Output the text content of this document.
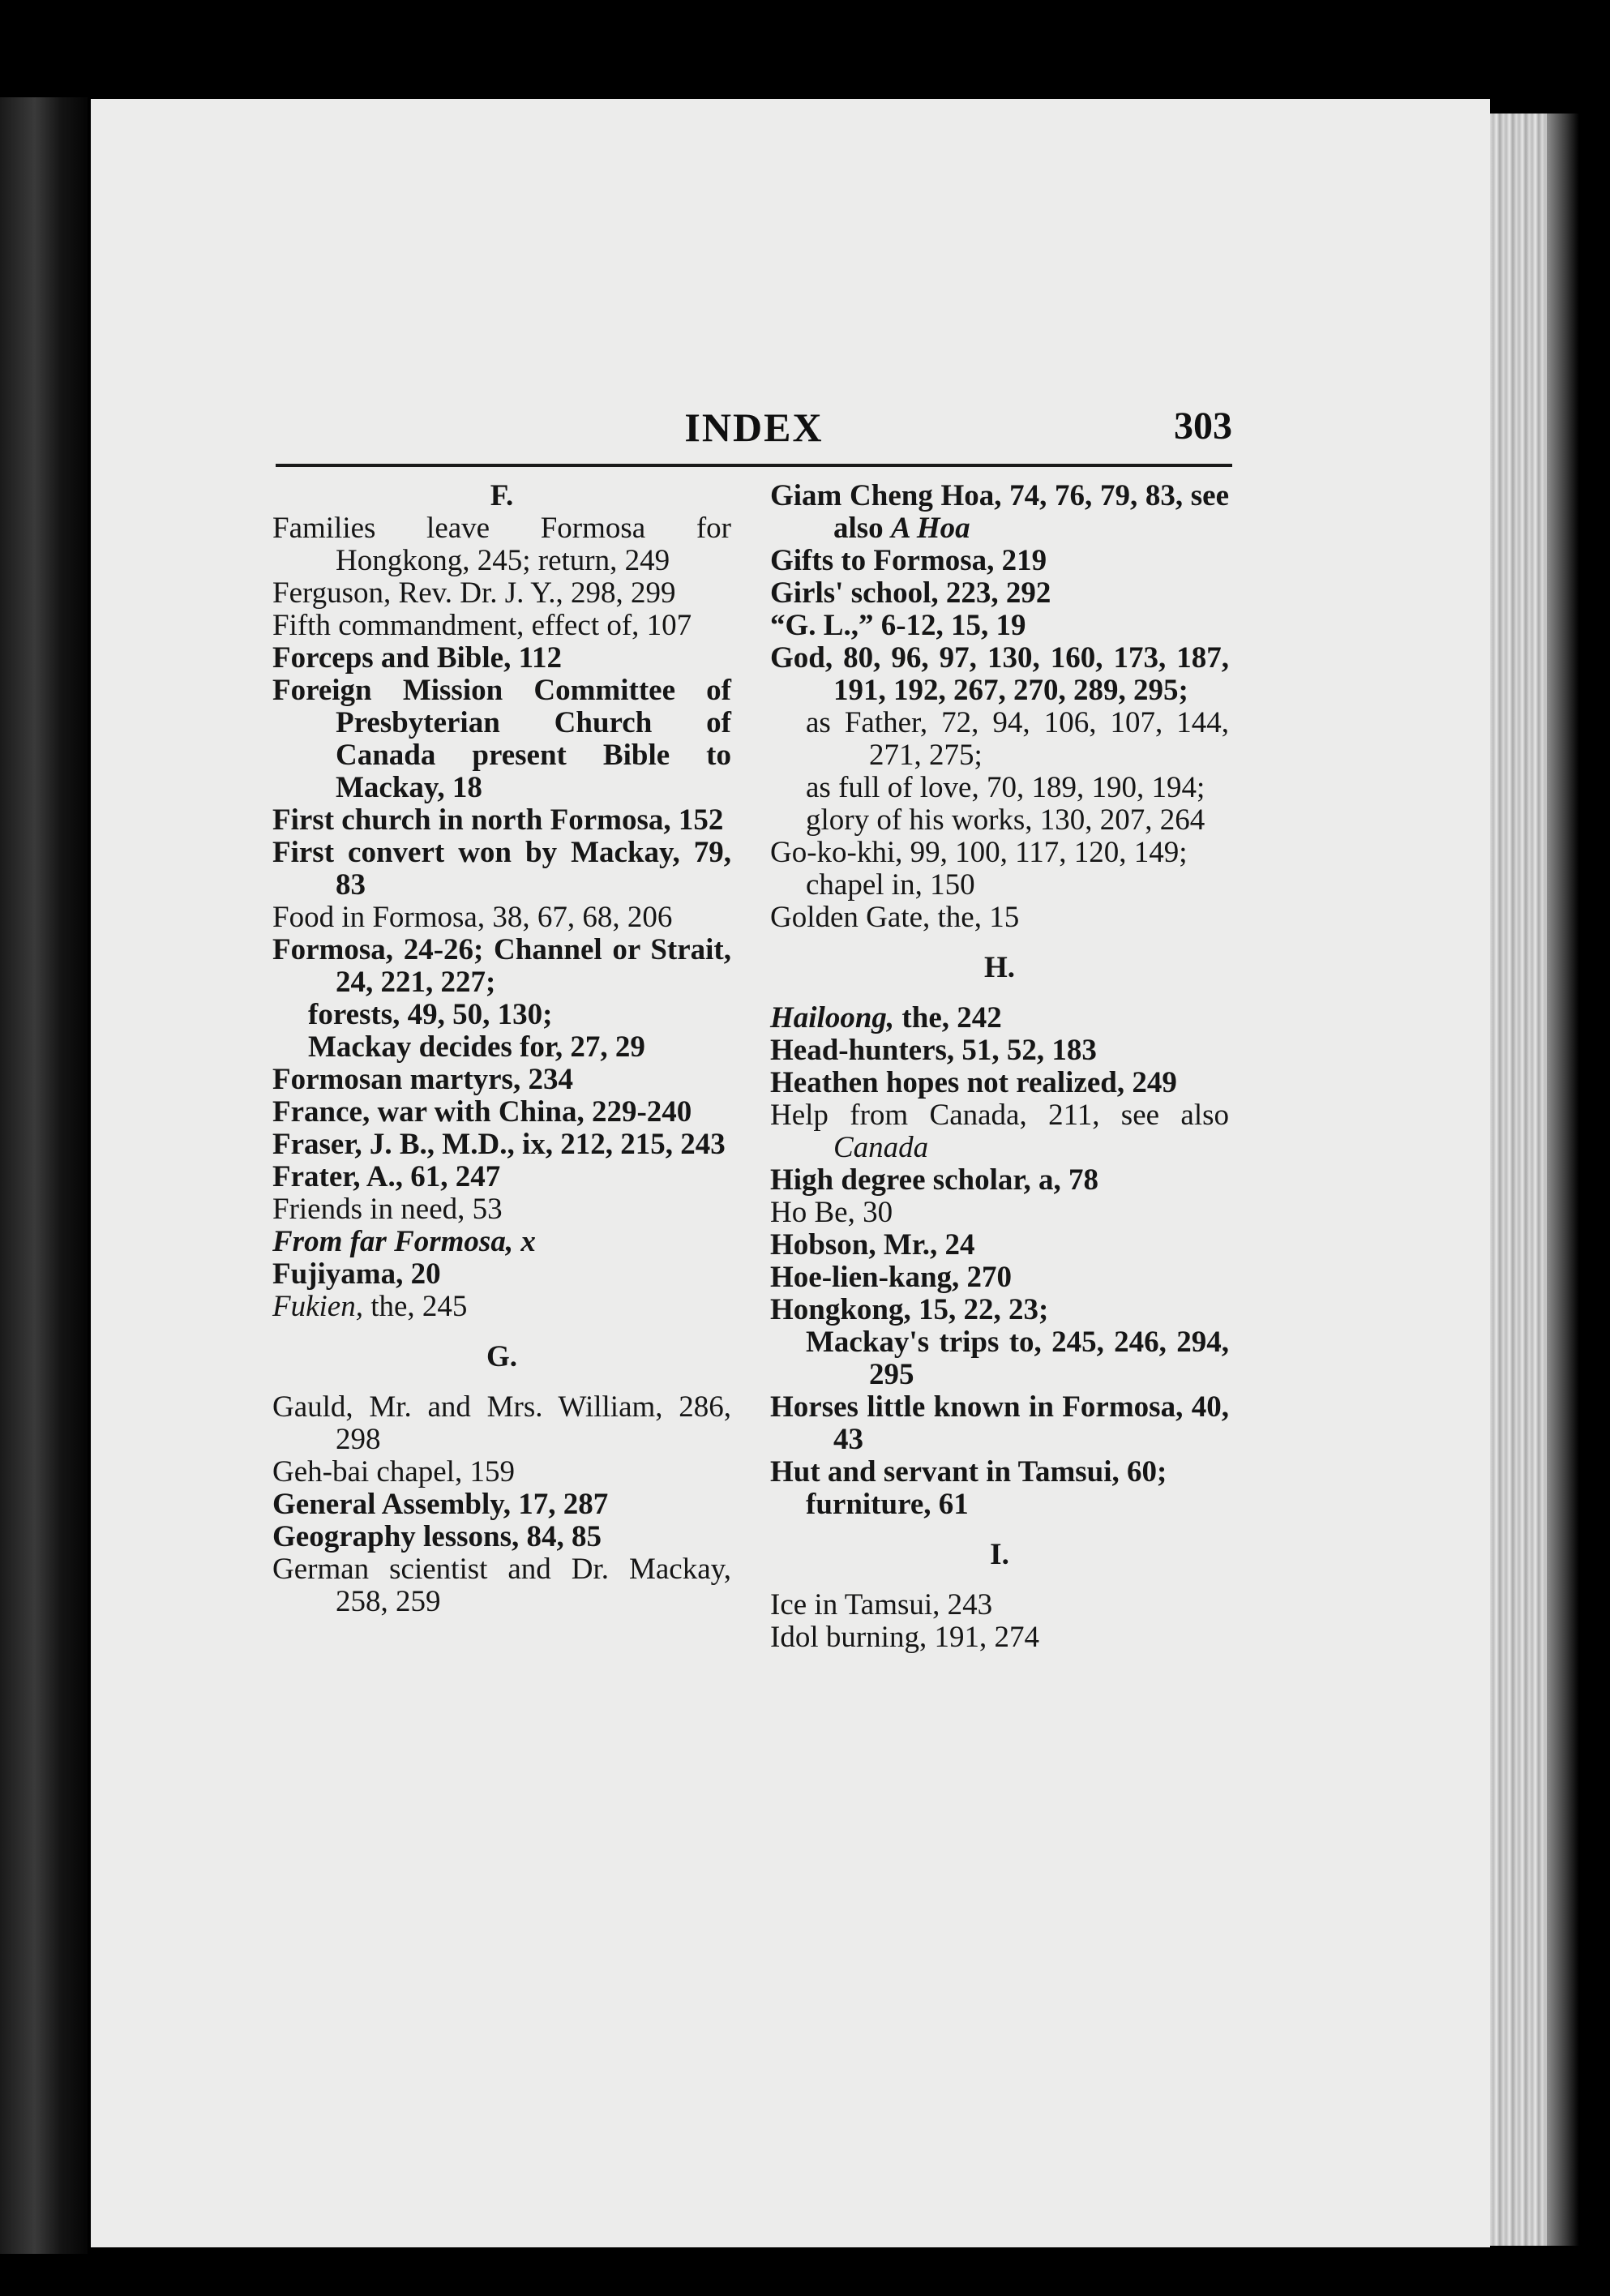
INDEX	303

F.

Families leave Formosa for Hongkong, 245; return, 249

Ferguson, Rev. Dr. J. Y., 298, 299

Fifth commandment, effect of, 107

Forceps and Bible, 112

Foreign Mission Committee of Presbyterian Church of Canada present Bible to Mackay, 18

First church in north Formosa, 152

First convert won by Mackay, 79, 83

Food in Formosa, 38, 67, 68, 206

Formosa, 24-26; Channel or Strait, 24, 221, 227;

forests, 49, 50, 130;

Mackay decides for, 27, 29

Formosan martyrs, 234

France, war with China, 229-240

Fraser, J. B., M.D., ix, 212, 215, 243

Frater, A., 61, 247

Friends in need, 53

From far Formosa, x

Fujiyama, 20

Fukien, the, 245

G.

Gauld, Mr. and Mrs. William, 286, 298

Geh-bai chapel, 159

General Assembly, 17, 287

Geography lessons, 84, 85

German scientist and Dr. Mackay, 258, 259

Giam Cheng Hoa, 74, 76, 79, 83, see also A Hoa

Gifts to Formosa, 219

Girls' school, 223, 292

“G. L.,” 6-12, 15, 19

God, 80, 96, 97, 130, 160, 173, 187, 191, 192, 267, 270, 289, 295;

as Father, 72, 94, 106, 107, 144, 271, 275;

as full of love, 70, 189, 190, 194;

glory of his works, 130, 207, 264

Go-ko-khi, 99, 100, 117, 120, 149;

chapel in, 150

Golden Gate, the, 15

H.

Hailoong, the, 242

Head-hunters, 51, 52, 183

Heathen hopes not realized, 249

Help from Canada, 211, see also Canada

High degree scholar, a, 78

Ho Be, 30

Hobson, Mr., 24

Hoe-lien-kang, 270

Hongkong, 15, 22, 23;

Mackay's trips to, 245, 246, 294, 295

Horses little known in Formosa, 40, 43

Hut and servant in Tamsui, 60;

furniture, 61

I.

Ice in Tamsui, 243

Idol burning, 191, 274
